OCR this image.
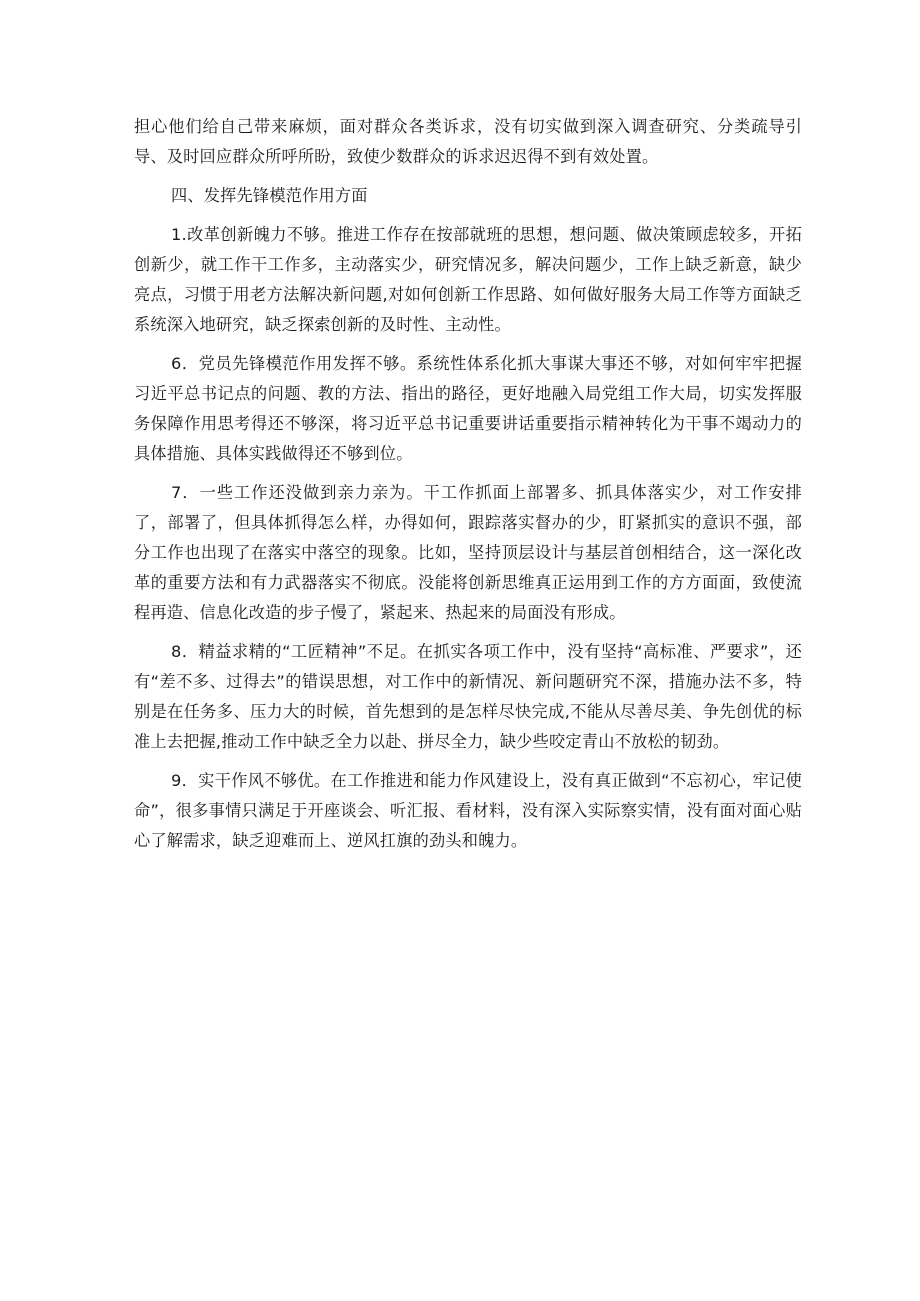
担心他们给自己带来麻烦，面对群众各类诉求，没有切实做到深入调查研究、分类疏导引导、及时回应群众所呼所盼，致使少数群众的诉求迟迟得不到有效处置。

四、发挥先锋模范作用方面

1.改革创新魄力不够。推进工作存在按部就班的思想，想问题、做决策顾虑较多，开拓创新少，就工作干工作多，主动落实少，研究情况多，解决问题少，工作上缺乏新意，缺少亮点，习惯于用老方法解决新问题,对如何创新工作思路、如何做好服务大局工作等方面缺乏系统深入地研究，缺乏探索创新的及时性、主动性。

6．党员先锋模范作用发挥不够。系统性体系化抓大事谋大事还不够，对如何牢牢把握习近平总书记点的问题、教的方法、指出的路径，更好地融入局党组工作大局，切实发挥服务保障作用思考得还不够深，将习近平总书记重要讲话重要指示精神转化为干事不竭动力的具体措施、具体实践做得还不够到位。

7．一些工作还没做到亲力亲为。干工作抓面上部署多、抓具体落实少，对工作安排了，部署了，但具体抓得怎么样，办得如何，跟踪落实督办的少，盯紧抓实的意识不强，部分工作也出现了在落实中落空的现象。比如，坚持顶层设计与基层首创相结合，这一深化改革的重要方法和有力武器落实不彻底。没能将创新思维真正运用到工作的方方面面，致使流程再造、信息化改造的步子慢了，紧起来、热起来的局面没有形成。

8．精益求精的“工匠精神”不足。在抓实各项工作中，没有坚持“高标准、严要求”，还有“差不多、过得去”的错误思想，对工作中的新情况、新问题研究不深，措施办法不多，特别是在任务多、压力大的时候，首先想到的是怎样尽快完成,不能从尽善尽美、争先创优的标准上去把握,推动工作中缺乏全力以赴、拼尽全力，缺少些咬定青山不放松的韧劲。

9．实干作风不够优。在工作推进和能力作风建设上，没有真正做到“不忘初心，牢记使命”，很多事情只满足于开座谈会、听汇报、看材料，没有深入实际察实情，没有面对面心贴心了解需求，缺乏迎难而上、逆风扛旗的劲头和魄力。
